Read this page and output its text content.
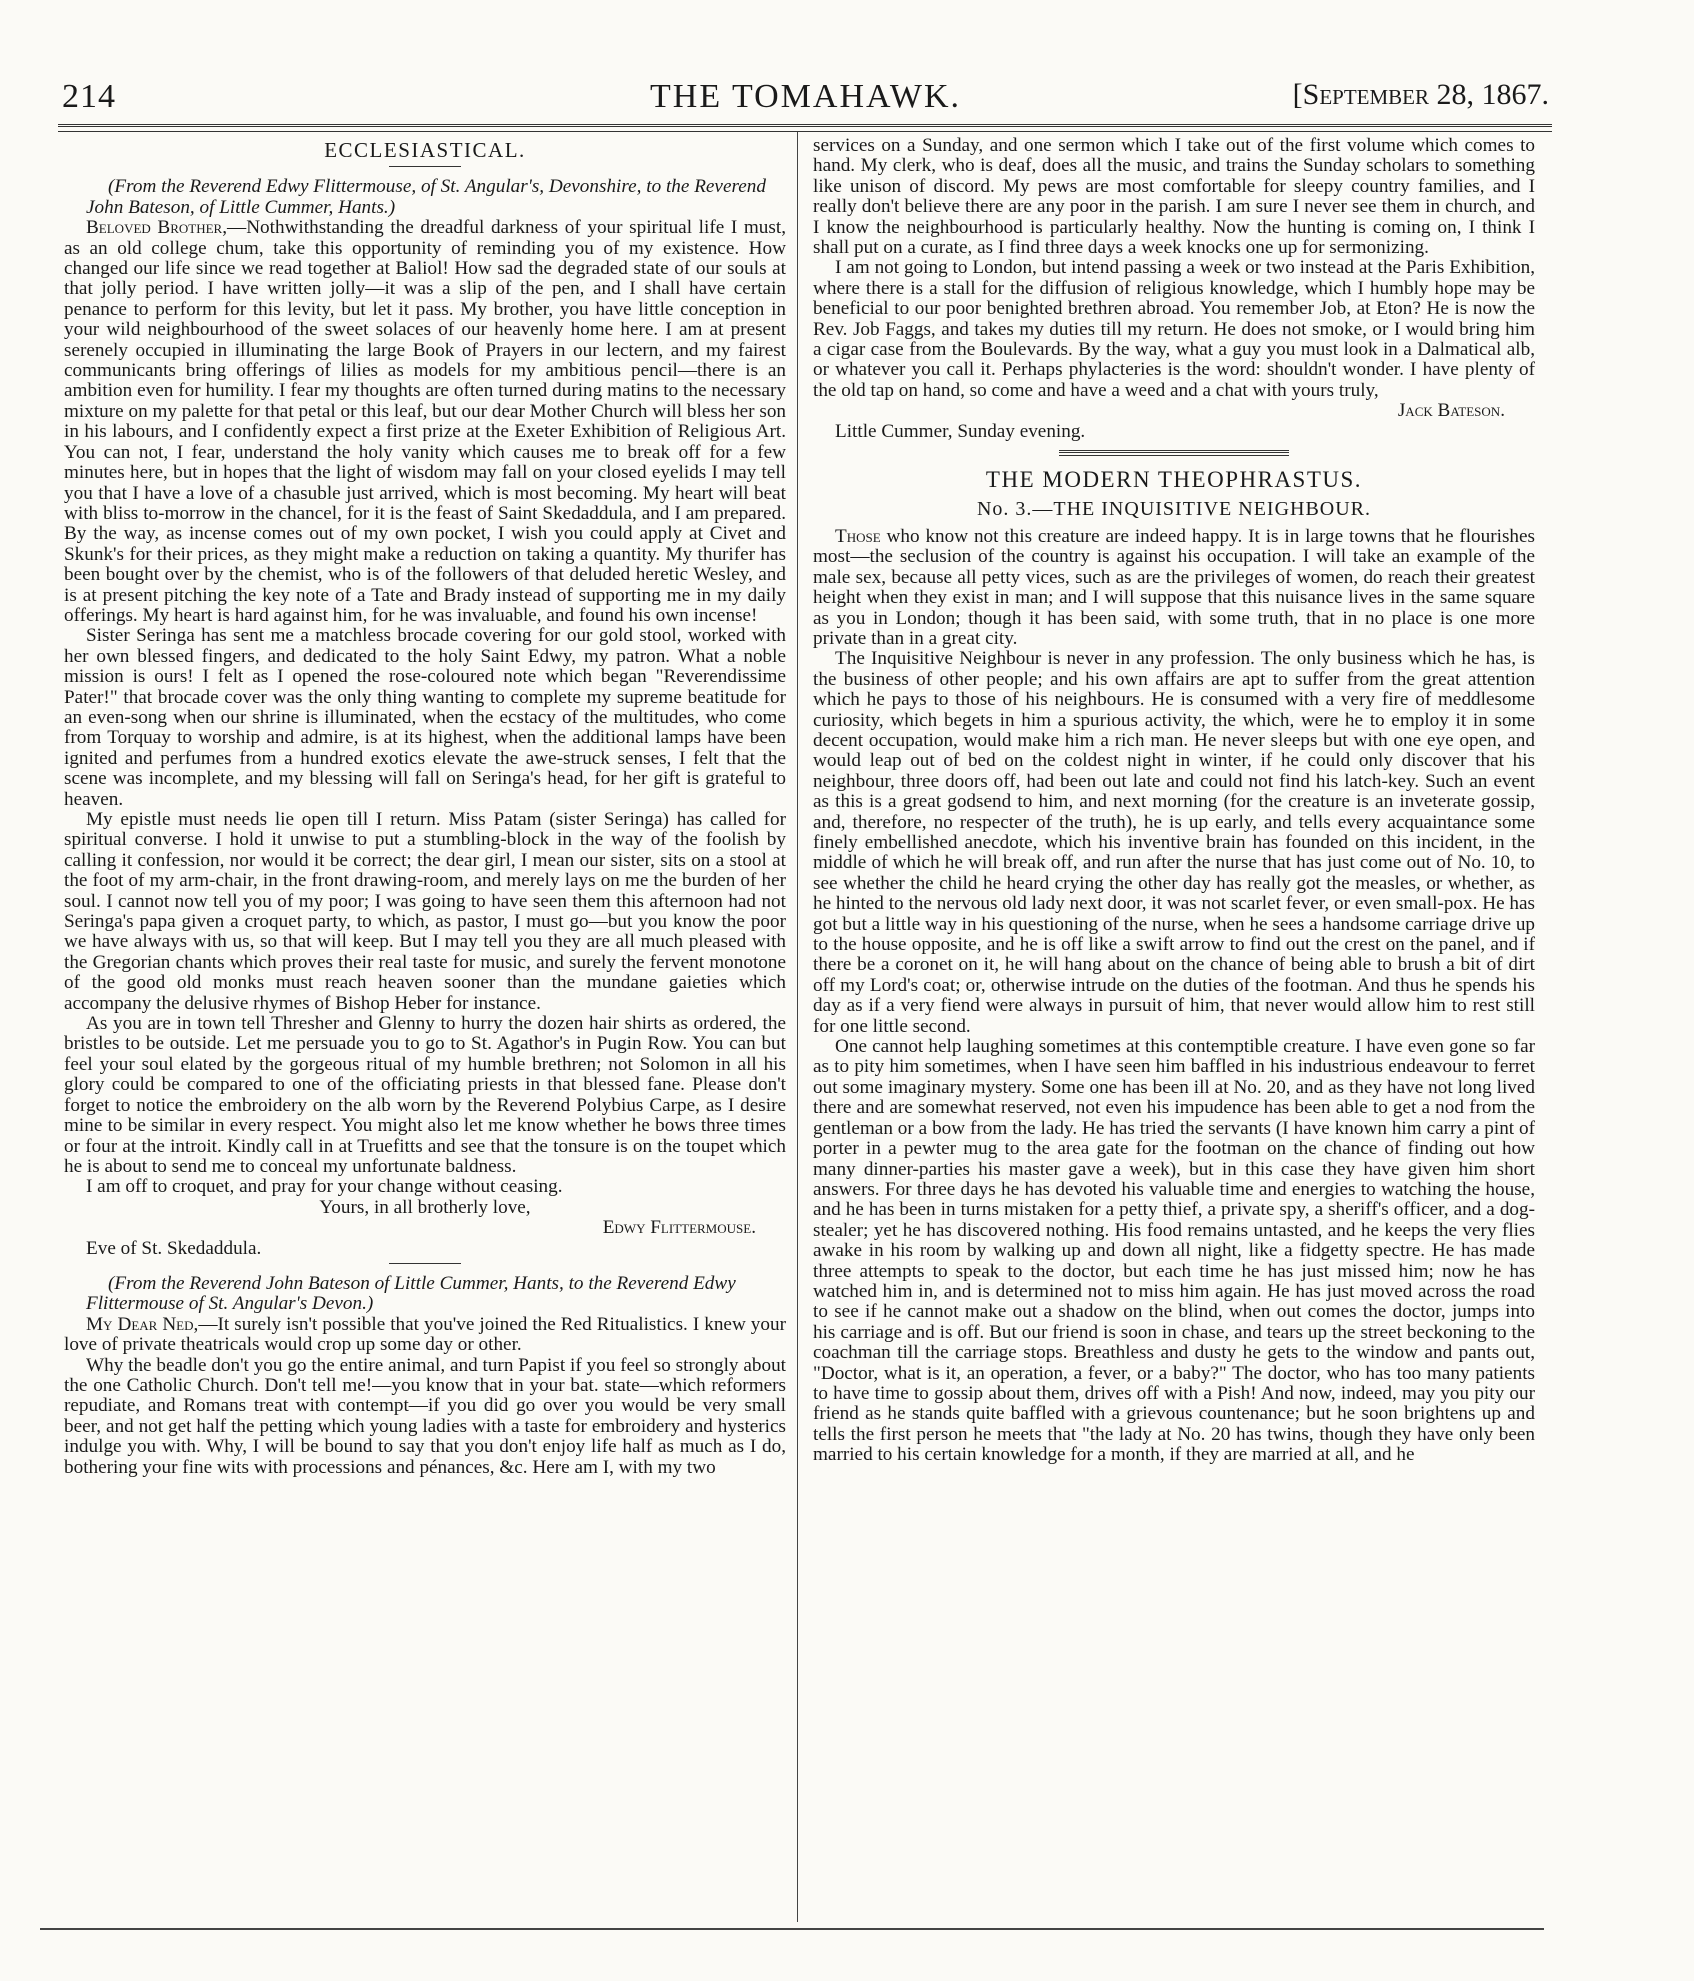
214	THE TOMAHAWK.	[September 28, 1867.
ECCLESIASTICAL.

(From the Reverend Edwy Flittermouse, of St. Angular's, Devonshire, to the Reverend John Bateson, of Little Cummer, Hants.)

Beloved Brother,—Nothwithstanding the dreadful darkness of your spiritual life I must, as an old college chum, take this opportunity of reminding you of my existence. How changed our life since we read together at Baliol! How sad the degraded state of our souls at that jolly period. I have written jolly—it was a slip of the pen, and I shall have certain penance to perform for this levity, but let it pass. My brother, you have little conception in your wild neighbourhood of the sweet solaces of our heavenly home here. I am at present serenely occupied in illuminating the large Book of Prayers in our lectern, and my fairest communicants bring offerings of lilies as models for my ambitious pencil—there is an ambition even for humility. I fear my thoughts are often turned during matins to the necessary mixture on my palette for that petal or this leaf, but our dear Mother Church will bless her son in his labours, and I confidently expect a first prize at the Exeter Exhibition of Religious Art. You can not, I fear, understand the holy vanity which causes me to break off for a few minutes here, but in hopes that the light of wisdom may fall on your closed eyelids I may tell you that I have a love of a chasuble just arrived, which is most becoming. My heart will beat with bliss to-morrow in the chancel, for it is the feast of Saint Skedaddula, and I am prepared. By the way, as incense comes out of my own pocket, I wish you could apply at Civet and Skunk's for their prices, as they might make a reduction on taking a quantity. My thurifer has been bought over by the chemist, who is of the followers of that deluded heretic Wesley, and is at present pitching the key note of a Tate and Brady instead of supporting me in my daily offerings. My heart is hard against him, for he was invaluable, and found his own incense!

Sister Seringa has sent me a matchless brocade covering for our gold stool, worked with her own blessed fingers, and dedicated to the holy Saint Edwy, my patron. What a noble mission is ours! I felt as I opened the rose-coloured note which began "Reverendissime Pater!" that brocade cover was the only thing wanting to complete my supreme beatitude for an even-song when our shrine is illuminated, when the ecstacy of the multitudes, who come from Torquay to worship and admire, is at its highest, when the additional lamps have been ignited and perfumes from a hundred exotics elevate the awe-struck senses, I felt that the scene was incomplete, and my blessing will fall on Seringa's head, for her gift is grateful to heaven.

My epistle must needs lie open till I return. Miss Patam (sister Seringa) has called for spiritual converse. I hold it unwise to put a stumbling-block in the way of the foolish by calling it confession, nor would it be correct; the dear girl, I mean our sister, sits on a stool at the foot of my arm-chair, in the front drawing-room, and merely lays on me the burden of her soul. I cannot now tell you of my poor; I was going to have seen them this afternoon had not Seringa's papa given a croquet party, to which, as pastor, I must go—but you know the poor we have always with us, so that will keep. But I may tell you they are all much pleased with the Gregorian chants which proves their real taste for music, and surely the fervent monotone of the good old monks must reach heaven sooner than the mundane gaieties which accompany the delusive rhymes of Bishop Heber for instance.

As you are in town tell Thresher and Glenny to hurry the dozen hair shirts as ordered, the bristles to be outside. Let me persuade you to go to St. Agathor's in Pugin Row. You can but feel your soul elated by the gorgeous ritual of my humble brethren; not Solomon in all his glory could be compared to one of the officiating priests in that blessed fane. Please don't forget to notice the embroidery on the alb worn by the Reverend Polybius Carpe, as I desire mine to be similar in every respect. You might also let me know whether he bows three times or four at the introit. Kindly call in at Truefitts and see that the tonsure is on the toupet which he is about to send me to conceal my unfortunate baldness.

I am off to croquet, and pray for your change without ceasing.

Yours, in all brotherly love,
Edwy Flittermouse.

Eve of St. Skedaddula.

(From the Reverend John Bateson of Little Cummer, Hants, to the Reverend Edwy Flittermouse of St. Angular's Devon.)

My Dear Ned,—It surely isn't possible that you've joined the Red Ritualistics. I knew your love of private theatricals would crop up some day or other.

Why the beadle don't you go the entire animal, and turn Papist if you feel so strongly about the one Catholic Church. Don't tell me!—you know that in your bat. state—which reformers repudiate, and Romans treat with contempt—if you did go over you would be very small beer, and not get half the petting which young ladies with a taste for embroidery and hysterics indulge you with. Why, I will be bound to say that you don't enjoy life half as much as I do, bothering your fine wits with processions and pénances, &c. Here am I, with my two

services on a Sunday, and one sermon which I take out of the first volume which comes to hand. My clerk, who is deaf, does all the music, and trains the Sunday scholars to something like unison of discord. My pews are most comfortable for sleepy country families, and I really don't believe there are any poor in the parish. I am sure I never see them in church, and I know the neighbourhood is particularly healthy. Now the hunting is coming on, I think I shall put on a curate, as I find three days a week knocks one up for sermonizing.

I am not going to London, but intend passing a week or two instead at the Paris Exhibition, where there is a stall for the diffusion of religious knowledge, which I humbly hope may be beneficial to our poor benighted brethren abroad. You remember Job, at Eton? He is now the Rev. Job Faggs, and takes my duties till my return. He does not smoke, or I would bring him a cigar case from the Boulevards. By the way, what a guy you must look in a Dalmatical alb, or whatever you call it. Perhaps phylacteries is the word: shouldn't wonder. I have plenty of the old tap on hand, so come and have a weed and a chat with yours truly,

Jack Bateson.

Little Cummer, Sunday evening.

THE MODERN THEOPHRASTUS.
No. 3.—THE INQUISITIVE NEIGHBOUR.

Those who know not this creature are indeed happy. It is in large towns that he flourishes most—the seclusion of the country is against his occupation. I will take an example of the male sex, because all petty vices, such as are the privileges of women, do reach their greatest height when they exist in man; and I will suppose that this nuisance lives in the same square as you in London; though it has been said, with some truth, that in no place is one more private than in a great city.

The Inquisitive Neighbour is never in any profession. The only business which he has, is the business of other people; and his own affairs are apt to suffer from the great attention which he pays to those of his neighbours. He is consumed with a very fire of meddlesome curiosity, which begets in him a spurious activity, the which, were he to employ it in some decent occupation, would make him a rich man. He never sleeps but with one eye open, and would leap out of bed on the coldest night in winter, if he could only discover that his neighbour, three doors off, had been out late and could not find his latch-key. Such an event as this is a great godsend to him, and next morning (for the creature is an inveterate gossip, and, therefore, no respecter of the truth), he is up early, and tells every acquaintance some finely embellished anecdote, which his inventive brain has founded on this incident, in the middle of which he will break off, and run after the nurse that has just come out of No. 10, to see whether the child he heard crying the other day has really got the measles, or whether, as he hinted to the nervous old lady next door, it was not scarlet fever, or even small-pox. He has got but a little way in his questioning of the nurse, when he sees a handsome carriage drive up to the house opposite, and he is off like a swift arrow to find out the crest on the panel, and if there be a coronet on it, he will hang about on the chance of being able to brush a bit of dirt off my Lord's coat; or, otherwise intrude on the duties of the footman. And thus he spends his day as if a very fiend were always in pursuit of him, that never would allow him to rest still for one little second.

One cannot help laughing sometimes at this contemptible creature. I have even gone so far as to pity him sometimes, when I have seen him baffled in his industrious endeavour to ferret out some imaginary mystery. Some one has been ill at No. 20, and as they have not long lived there and are somewhat reserved, not even his impudence has been able to get a nod from the gentleman or a bow from the lady. He has tried the servants (I have known him carry a pint of porter in a pewter mug to the area gate for the footman on the chance of finding out how many dinner-parties his master gave a week), but in this case they have given him short answers. For three days he has devoted his valuable time and energies to watching the house, and he has been in turns mistaken for a petty thief, a private spy, a sheriff's officer, and a dog-stealer; yet he has discovered nothing. His food remains untasted, and he keeps the very flies awake in his room by walking up and down all night, like a fidgetty spectre. He has made three attempts to speak to the doctor, but each time he has just missed him; now he has watched him in, and is determined not to miss him again. He has just moved across the road to see if he cannot make out a shadow on the blind, when out comes the doctor, jumps into his carriage and is off. But our friend is soon in chase, and tears up the street beckoning to the coachman till the carriage stops. Breathless and dusty he gets to the window and pants out, "Doctor, what is it, an operation, a fever, or a baby?" The doctor, who has too many patients to have time to gossip about them, drives off with a Pish! And now, indeed, may you pity our friend as he stands quite baffled with a grievous countenance; but he soon brightens up and tells the first person he meets that "the lady at No. 20 has twins, though they have only been married to his certain knowledge for a month, if they are married at all, and he
